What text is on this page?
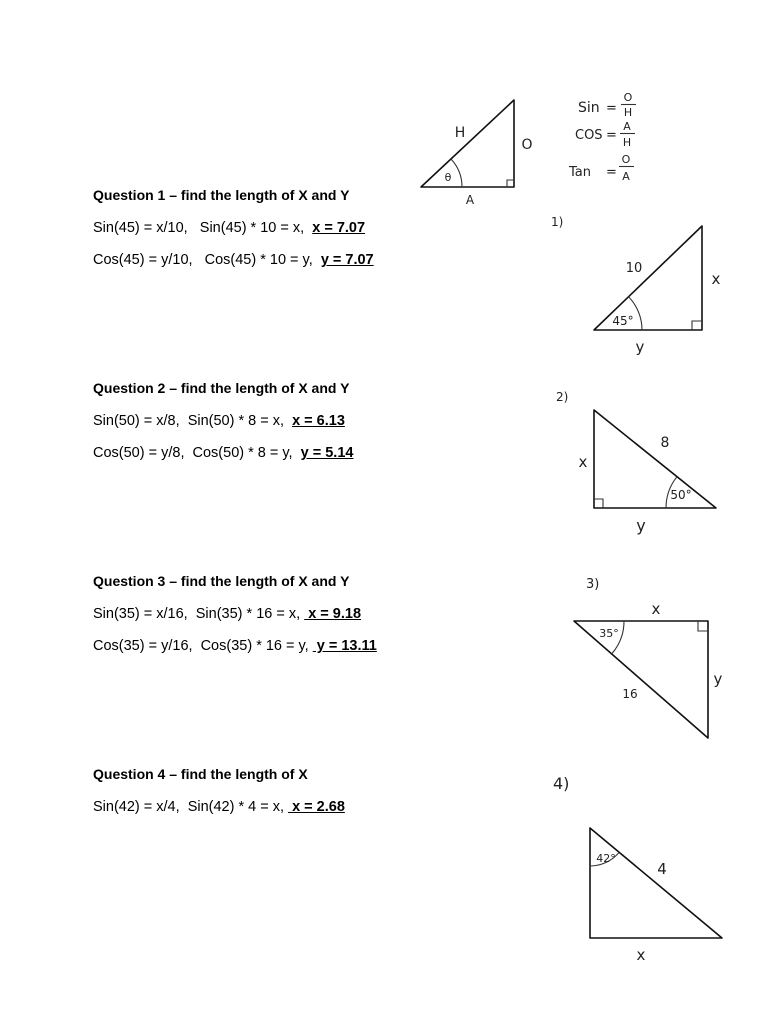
Question 1 – find the length of X and Y
Sin(45) = x/10,   Sin(45) * 10 = x,  x = 7.07
Cos(45) = y/10,   Cos(45) * 10 = y,  y = 7.07
Question 2 – find the length of X and Y
Sin(50) = x/8,  Sin(50) * 8 = x,  x = 6.13
Cos(50) = y/8,  Cos(50) * 8 = y,  y = 5.14
Question 3 – find the length of X and Y
Sin(35) = x/16,  Sin(35) * 16 = x,  x = 9.18
Cos(35) = y/16,  Cos(35) * 16 = y,  y = 13.11
Question 4 – find the length of X
Sin(42) = x/4,  Sin(42) * 4 = x,  x = 2.68
H
O
A
θ
Sin =
O
H
COS =
A
H
Tan =
O
A
1)
10
x
45°
y
2)
x
8
50°
y
3)
x
35°
16
y
4)
42°
4
x
